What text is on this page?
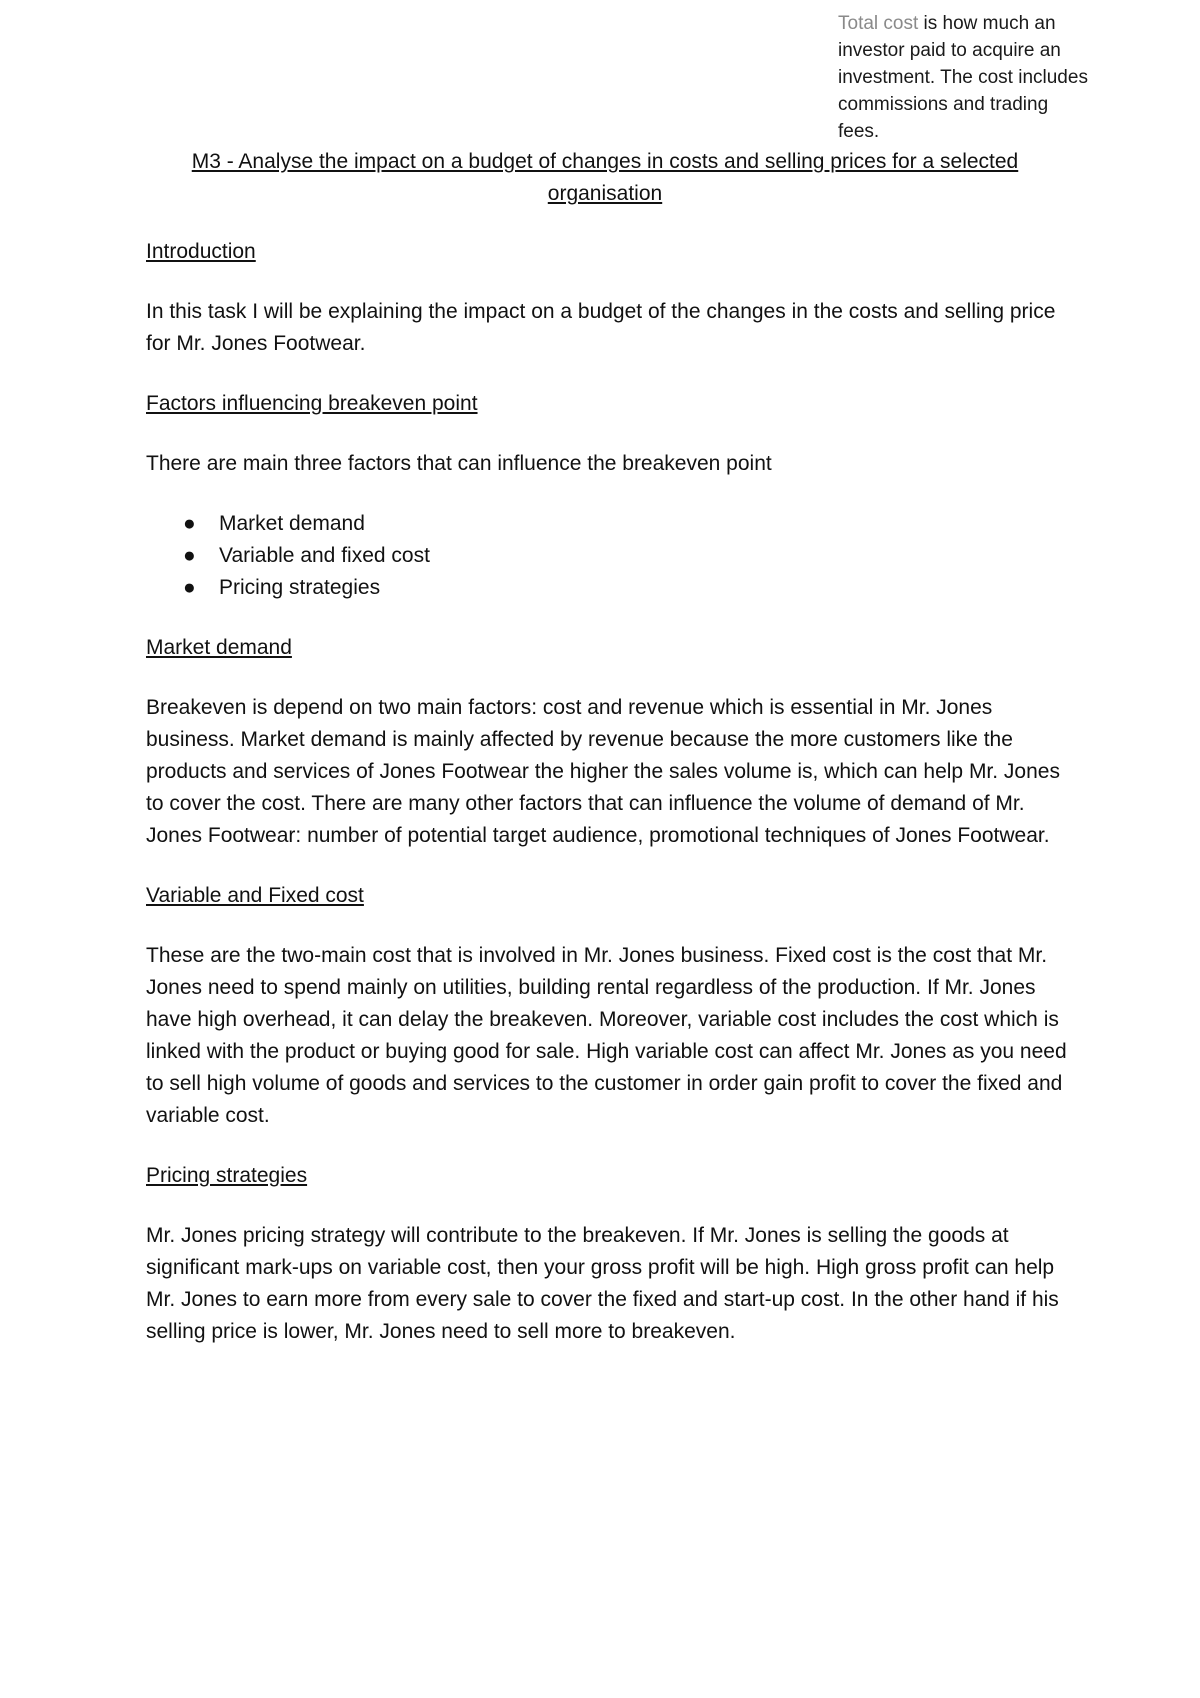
Total cost is how much an investor paid to acquire an investment. The cost includes commissions and trading fees.
M3 - Analyse the impact on a budget of changes in costs and selling prices for a selected organisation
Introduction

In this task I will be explaining the impact on a budget of the changes in the costs and selling price for Mr. Jones Footwear.

Factors influencing breakeven point

There are main three factors that can influence the breakeven point

● Market demand
● Variable and fixed cost
● Pricing strategies
Market demand

Breakeven is depend on two main factors: cost and revenue which is essential in Mr. Jones business. Market demand is mainly affected by revenue because the more customers like the products and services of Jones Footwear the higher the sales volume is, which can help Mr. Jones to cover the cost. There are many other factors that can influence the volume of demand of Mr. Jones Footwear: number of potential target audience, promotional techniques of Jones Footwear.

Variable and Fixed cost

These are the two-main cost that is involved in Mr. Jones business. Fixed cost is the cost that Mr. Jones need to spend mainly on utilities, building rental regardless of the production. If Mr. Jones have high overhead, it can delay the breakeven. Moreover, variable cost includes the cost which is linked with the product or buying good for sale. High variable cost can affect Mr. Jones as you need to sell high volume of goods and services to the customer in order gain profit to cover the fixed and variable cost.

Pricing strategies

Mr. Jones pricing strategy will contribute to the breakeven. If Mr. Jones is selling the goods at significant mark-ups on variable cost, then your gross profit will be high. High gross profit can help Mr. Jones to earn more from every sale to cover the fixed and start-up cost. In the other hand if his selling price is lower, Mr. Jones need to sell more to breakeven.
